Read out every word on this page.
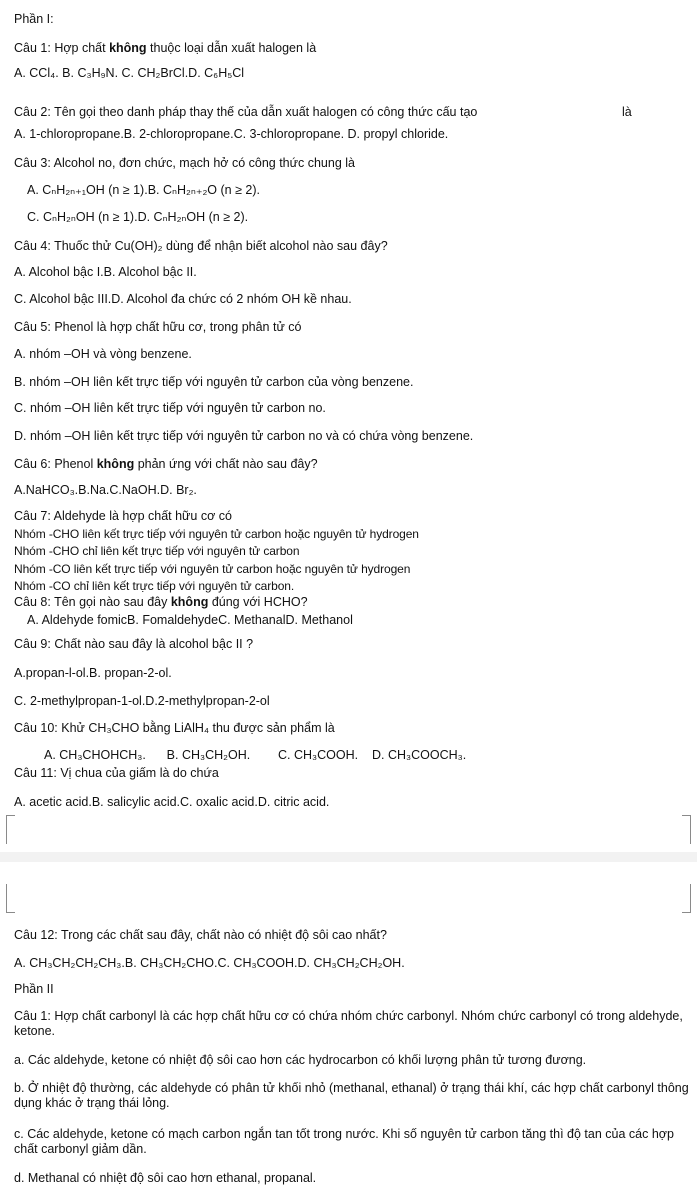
Phần I:
Câu 1: Hợp chất không thuộc loại dẫn xuất halogen là
A. CCl₄. B. C₃H₉N. C. CH₂BrCl.D. C₆H₅Cl
Câu 2: Tên gọi theo danh pháp thay thế của dẫn xuất halogen có công thức cấu tạo	là
A. 1-chloropropane.B. 2-chloropropane.C. 3-chloropropane. D. propyl chloride.
Câu 3: Alcohol no, đơn chức, mạch hở có công thức chung là
A. CₙH₂ₙ₊₁OH (n ≥ 1).B. CₙH₂ₙ₊₂O (n ≥ 2).
C. CₙH₂ₙOH (n ≥ 1).D. CₙH₂ₙOH (n ≥ 2).
Câu 4: Thuốc thử Cu(OH)₂ dùng để nhận biết alcohol nào sau đây?
A. Alcohol bậc I.B. Alcohol bậc II.
C. Alcohol bậc III.D. Alcohol đa chức có 2 nhóm OH kề nhau.
Câu 5: Phenol là hợp chất hữu cơ, trong phân tử có
A. nhóm –OH và vòng benzene.
B. nhóm –OH liên kết trực tiếp với nguyên tử carbon của vòng benzene.
C. nhóm –OH liên kết trực tiếp với nguyên tử carbon no.
D. nhóm –OH liên kết trực tiếp với nguyên tử carbon no và có chứa vòng benzene.
Câu 6: Phenol không phản ứng với chất nào sau đây?
A.NaHCO₃.B.Na.C.NaOH.D. Br₂.
Câu 7: Aldehyde là hợp chất hữu cơ có
Nhóm -CHO liên kết trực tiếp với nguyên tử carbon hoặc nguyên tử hydrogen
Nhóm -CHO chỉ liên kết trực tiếp với nguyên tử carbon
Nhóm -CO liên kết trực tiếp với nguyên tử carbon hoặc nguyên tử hydrogen
Nhóm -CO chỉ liên kết trực tiếp với nguyên tử carbon.
Câu 8: Tên gọi nào sau đây không đúng với HCHO?
A. Aldehyde fomicB. FomaldehydeC. MethanalD. Methanol
Câu 9: Chất nào sau đây là alcohol bậc II ?
A.propan-l-ol.B. propan-2-ol.
C. 2-methylpropan-1-ol.D.2-methylpropan-2-ol
Câu 10: Khử CH₃CHO bằng LiAlH₄ thu được sản phẩm là
A. CH₃CHOHCH₃.      B. CH₃CH₂OH.        C. CH₃COOH.    D. CH₃COOCH₃.
Câu 11: Vị chua của giấm là do chứa
A. acetic acid.B. salicylic acid.C. oxalic acid.D. citric acid.
Câu 12: Trong các chất sau đây, chất nào có nhiệt độ sôi cao nhất?
A. CH₃CH₂CH₂CH₃.B. CH₃CH₂CHO.C. CH₃COOH.D. CH₃CH₂CH₂OH.
Phần II
Câu 1: Hợp chất carbonyl là các hợp chất hữu cơ có chứa nhóm chức carbonyl. Nhóm chức carbonyl có trong aldehyde, ketone.
a. Các aldehyde, ketone có nhiệt độ sôi cao hơn các hydrocarbon có khối lượng phân tử tương đương.
b. Ở nhiệt độ thường, các aldehyde có phân tử khối nhỏ (methanal, ethanal) ở trạng thái khí, các hợp chất carbonyl thông dụng khác ở trạng thái lỏng.
c. Các aldehyde, ketone có mạch carbon ngắn tan tốt trong nước. Khi số nguyên tử carbon tăng thì độ tan của các hợp chất carbonyl giảm dần.
d. Methanal có nhiệt độ sôi cao hơn ethanal, propanal.
